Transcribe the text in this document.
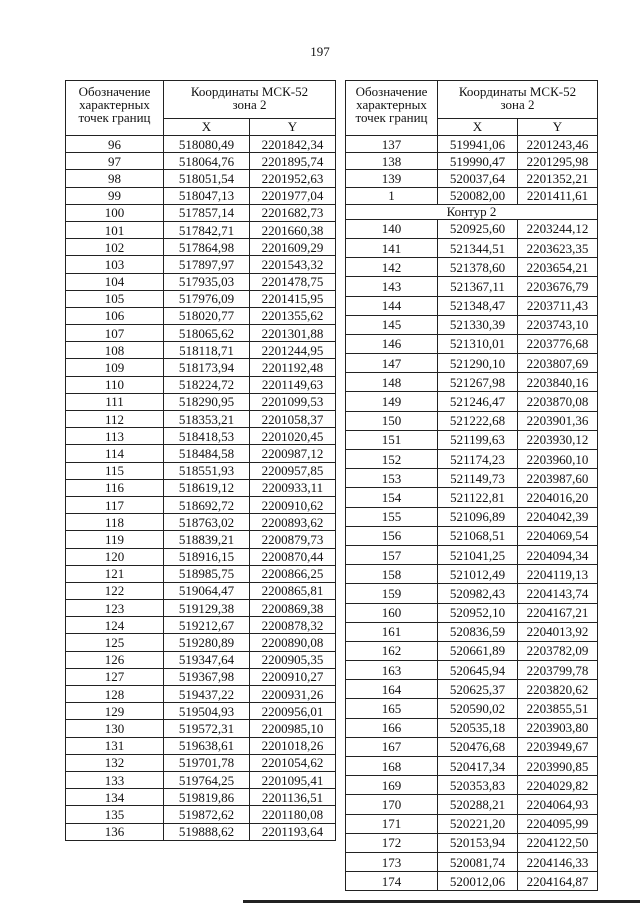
197
Обозначение
характерных
точек границ	Координаты МСК-52
зона 2	
	X	Y
96	518080,49	2201842,34
97	518064,76	2201895,74
98	518051,54	2201952,63
99	518047,13	2201977,04
100	517857,14	2201682,73
101	517842,71	2201660,38
102	517864,98	2201609,29
103	517897,97	2201543,32
104	517935,03	2201478,75
105	517976,09	2201415,95
106	518020,77	2201355,62
107	518065,62	2201301,88
108	518118,71	2201244,95
109	518173,94	2201192,48
110	518224,72	2201149,63
111	518290,95	2201099,53
112	518353,21	2201058,37
113	518418,53	2201020,45
114	518484,58	2200987,12
115	518551,93	2200957,85
116	518619,12	2200933,11
117	518692,72	2200910,62
118	518763,02	2200893,62
119	518839,21	2200879,73
120	518916,15	2200870,44
121	518985,75	2200866,25
122	519064,47	2200865,81
123	519129,38	2200869,38
124	519212,67	2200878,32
125	519280,89	2200890,08
126	519347,64	2200905,35
127	519367,98	2200910,27
128	519437,22	2200931,26
129	519504,93	2200956,01
130	519572,31	2200985,10
131	519638,61	2201018,26
132	519701,78	2201054,62
133	519764,25	2201095,41
134	519819,86	2201136,51
135	519872,62	2201180,08
136	519888,62	2201193,64
Обозначение
характерных
точек границ	Координаты МСК-52
зона 2	
	X	Y
137	519941,06	2201243,46
138	519990,47	2201295,98
139	520037,64	2201352,21
1	520082,00	2201411,61
Контур 2		
140	520925,60	2203244,12
141	521344,51	2203623,35
142	521378,60	2203654,21
143	521367,11	2203676,79
144	521348,47	2203711,43
145	521330,39	2203743,10
146	521310,01	2203776,68
147	521290,10	2203807,69
148	521267,98	2203840,16
149	521246,47	2203870,08
150	521222,68	2203901,36
151	521199,63	2203930,12
152	521174,23	2203960,10
153	521149,73	2203987,60
154	521122,81	2204016,20
155	521096,89	2204042,39
156	521068,51	2204069,54
157	521041,25	2204094,34
158	521012,49	2204119,13
159	520982,43	2204143,74
160	520952,10	2204167,21
161	520836,59	2204013,92
162	520661,89	2203782,09
163	520645,94	2203799,78
164	520625,37	2203820,62
165	520590,02	2203855,51
166	520535,18	2203903,80
167	520476,68	2203949,67
168	520417,34	2203990,85
169	520353,83	2204029,82
170	520288,21	2204064,93
171	520221,20	2204095,99
172	520153,94	2204122,50
173	520081,74	2204146,33
174	520012,06	2204164,87
